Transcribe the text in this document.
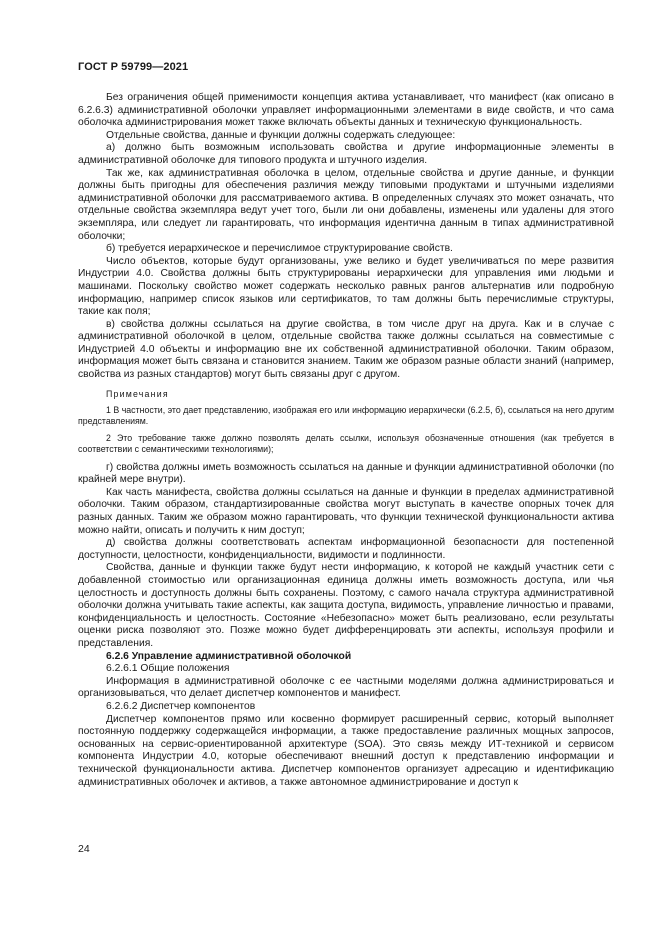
ГОСТ Р 59799—2021

Без ограничения общей применимости концепция актива устанавливает, что манифест (как описано в 6.2.6.3) административной оболочки управляет информационными элементами в виде свойств, и что сама оболочка администрирования может также включать объекты данных и техническую функциональность.

Отдельные свойства, данные и функции должны содержать следующее:

а) должно быть возможным использовать свойства и другие информационные элементы в административной оболочке для типового продукта и штучного изделия.

Так же, как административная оболочка в целом, отдельные свойства и другие данные, и функции должны быть пригодны для обеспечения различия между типовыми продуктами и штучными изделиями административной оболочки для рассматриваемого актива. В определенных случаях это может означать, что отдельные свойства экземпляра ведут учет того, были ли они добавлены, изменены или удалены для этого экземпляра, или следует ли гарантировать, что информация идентична данным в типах административной оболочки;

б) требуется иерархическое и перечислимое структурирование свойств.

Число объектов, которые будут организованы, уже велико и будет увеличиваться по мере развития Индустрии 4.0. Свойства должны быть структурированы иерархически для управления ими людьми и машинами. Поскольку свойство может содержать несколько равных рангов альтернатив или подробную информацию, например список языков или сертификатов, то там должны быть перечислимые структуры, такие как поля;

в) свойства должны ссылаться на другие свойства, в том числе друг на друга. Как и в случае с административной оболочкой в целом, отдельные свойства также должны ссылаться на совместимые с Индустрией 4.0 объекты и информацию вне их собственной административной оболочки. Таким образом, информация может быть связана и становится знанием. Таким же образом разные области знаний (например, свойства из разных стандартов) могут быть связаны друг с другом.

Примечания

1 В частности, это дает представлению, изображая его или информацию иерархически (6.2.5, б), ссылаться на него другим представлениям.

2 Это требование также должно позволять делать ссылки, используя обозначенные отношения (как требуется в соответствии с семантическими технологиями);

г) свойства должны иметь возможность ссылаться на данные и функции административной оболочки (по крайней мере внутри).

Как часть манифеста, свойства должны ссылаться на данные и функции в пределах административной оболочки. Таким образом, стандартизированные свойства могут выступать в качестве опорных точек для разных данных. Таким же образом можно гарантировать, что функции технической функциональности актива можно найти, описать и получить к ним доступ;

д) свойства должны соответствовать аспектам информационной безопасности для постепенной доступности, целостности, конфиденциальности, видимости и подлинности.

Свойства, данные и функции также будут нести информацию, к которой не каждый участник сети с добавленной стоимостью или организационная единица должны иметь возможность доступа, или чья целостность и доступность должны быть сохранены. Поэтому, с самого начала структура административной оболочки должна учитывать такие аспекты, как защита доступа, видимость, управление личностью и правами, конфиденциальность и целостность. Состояние «Небезопасно» может быть реализовано, если результаты оценки риска позволяют это. Позже можно будет дифференцировать эти аспекты, используя профили и представления.

6.2.6 Управление административной оболочкой

6.2.6.1 Общие положения

Информация в административной оболочке с ее частными моделями должна администрироваться и организовываться, что делает диспетчер компонентов и манифест.

6.2.6.2 Диспетчер компонентов

Диспетчер компонентов прямо или косвенно формирует расширенный сервис, который выполняет постоянную поддержку содержащейся информации, а также предоставление различных мощных запросов, основанных на сервис-ориентированной архитектуре (SOA). Это связь между ИТ-техникой и сервисом компонента Индустрии 4.0, которые обеспечивают внешний доступ к представлению информации и технической функциональности актива. Диспетчер компонентов организует адресацию и идентификацию административных оболочек и активов, а также автономное администрирование и доступ к

24
